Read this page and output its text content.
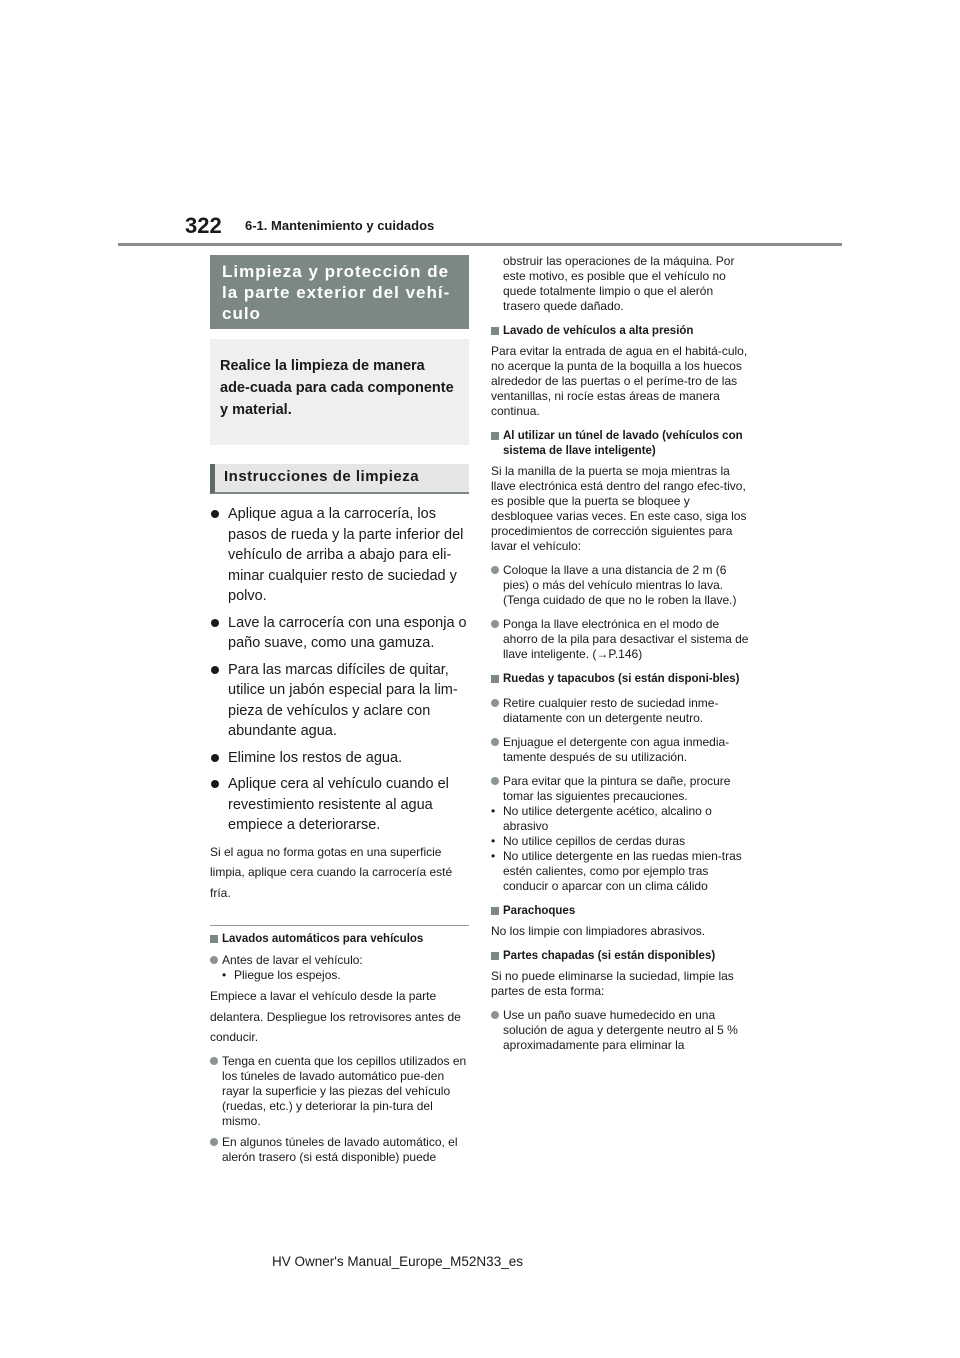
322 6-1. Mantenimiento y cuidados
Limpieza y protección de la parte exterior del vehí-culo
Realice la limpieza de manera ade-cuada para cada componente y material.
Instrucciones de limpieza
Aplique agua a la carrocería, los pasos de rueda y la parte inferior del vehículo de arriba a abajo para eli-minar cualquier resto de suciedad y polvo.
Lave la carrocería con una esponja o paño suave, como una gamuza.
Para las marcas difíciles de quitar, utilice un jabón especial para la lim-pieza de vehículos y aclare con abundante agua.
Elimine los restos de agua.
Aplique cera al vehículo cuando el revestimiento resistente al agua empiece a deteriorarse.
Si el agua no forma gotas en una superficie limpia, aplique cera cuando la carrocería esté fría.
Lavados automáticos para vehículos
Antes de lavar el vehículo:
• Pliegue los espejos.
Empiece a lavar el vehículo desde la parte delantera. Despliegue los retrovisores antes de conducir.
Tenga en cuenta que los cepillos utilizados en los túneles de lavado automático pue-den rayar la superficie y las piezas del vehículo (ruedas, etc.) y deteriorar la pin-tura del mismo.
En algunos túneles de lavado automático, el alerón trasero (si está disponible) puede
obstruir las operaciones de la máquina. Por este motivo, es posible que el vehículo no quede totalmente limpio o que el alerón trasero quede dañado.
Lavado de vehículos a alta presión
Para evitar la entrada de agua en el habitá-culo, no acerque la punta de la boquilla a los huecos alrededor de las puertas o el períme-tro de las ventanillas, ni rocíe estas áreas de manera continua.
Al utilizar un túnel de lavado (vehículos con sistema de llave inteligente)
Si la manilla de la puerta se moja mientras la llave electrónica está dentro del rango efec-tivo, es posible que la puerta se bloquee y desbloquee varias veces. En este caso, siga los procedimientos de corrección siguientes para lavar el vehículo:
Coloque la llave a una distancia de 2 m (6 pies) o más del vehículo mientras lo lava. (Tenga cuidado de que no le roben la llave.)
Ponga la llave electrónica en el modo de ahorro de la pila para desactivar el sistema de llave inteligente. (→P.146)
Ruedas y tapacubos (si están disponi-bles)
Retire cualquier resto de suciedad inme-diatamente con un detergente neutro.
Enjuague el detergente con agua inmedia-tamente después de su utilización.
Para evitar que la pintura se dañe, procure tomar las siguientes precauciones.
• No utilice detergente acético, alcalino o abrasivo
• No utilice cepillos de cerdas duras
• No utilice detergente en las ruedas mien-tras estén calientes, como por ejemplo tras conducir o aparcar con un clima cálido
Parachoques
No los limpie con limpiadores abrasivos.
Partes chapadas (si están disponibles)
Si no puede eliminarse la suciedad, limpie las partes de esta forma:
Use un paño suave humedecido en una solución de agua y detergente neutro al 5 % aproximadamente para eliminar la
HV Owner's Manual_Europe_M52N33_es
